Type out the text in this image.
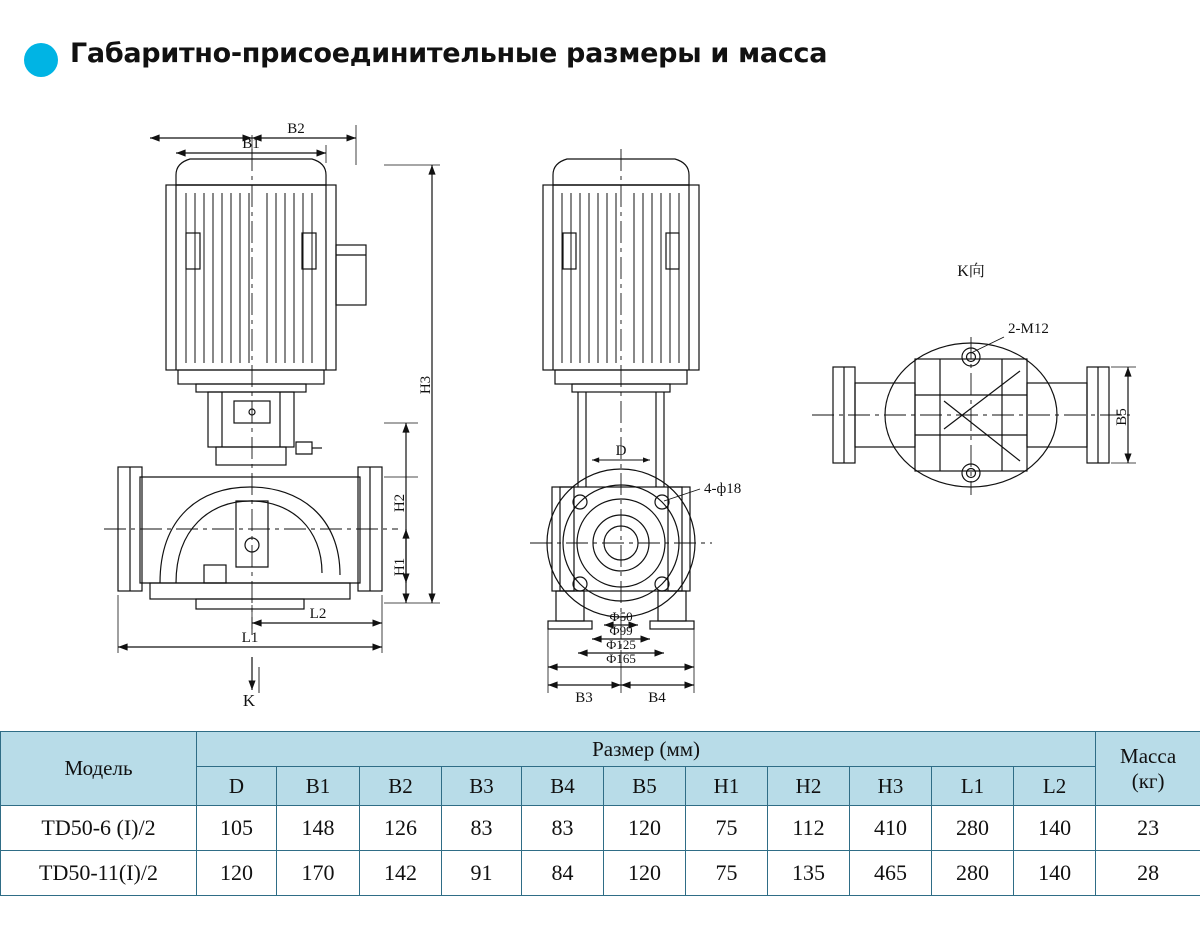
Габаритно-присоединительные размеры и масса
B2
B1
H3
H2
H1
L2
L1
K
D
4-ф18
Ф50
Ф99
Ф125
Ф165
B3	B4
K向
2-M12
B5
Модель	Размер (мм)											Масса
(кг)

	D	B1	B2	B3	B4	B5	H1	H2	H3	L1	L2	
TD50-6 (I)/2	105	148	126	83	83	120	75	112	410	280	140	23
TD50-11(I)/2	120	170	142	91	84	120	75	135	465	280	140	28
